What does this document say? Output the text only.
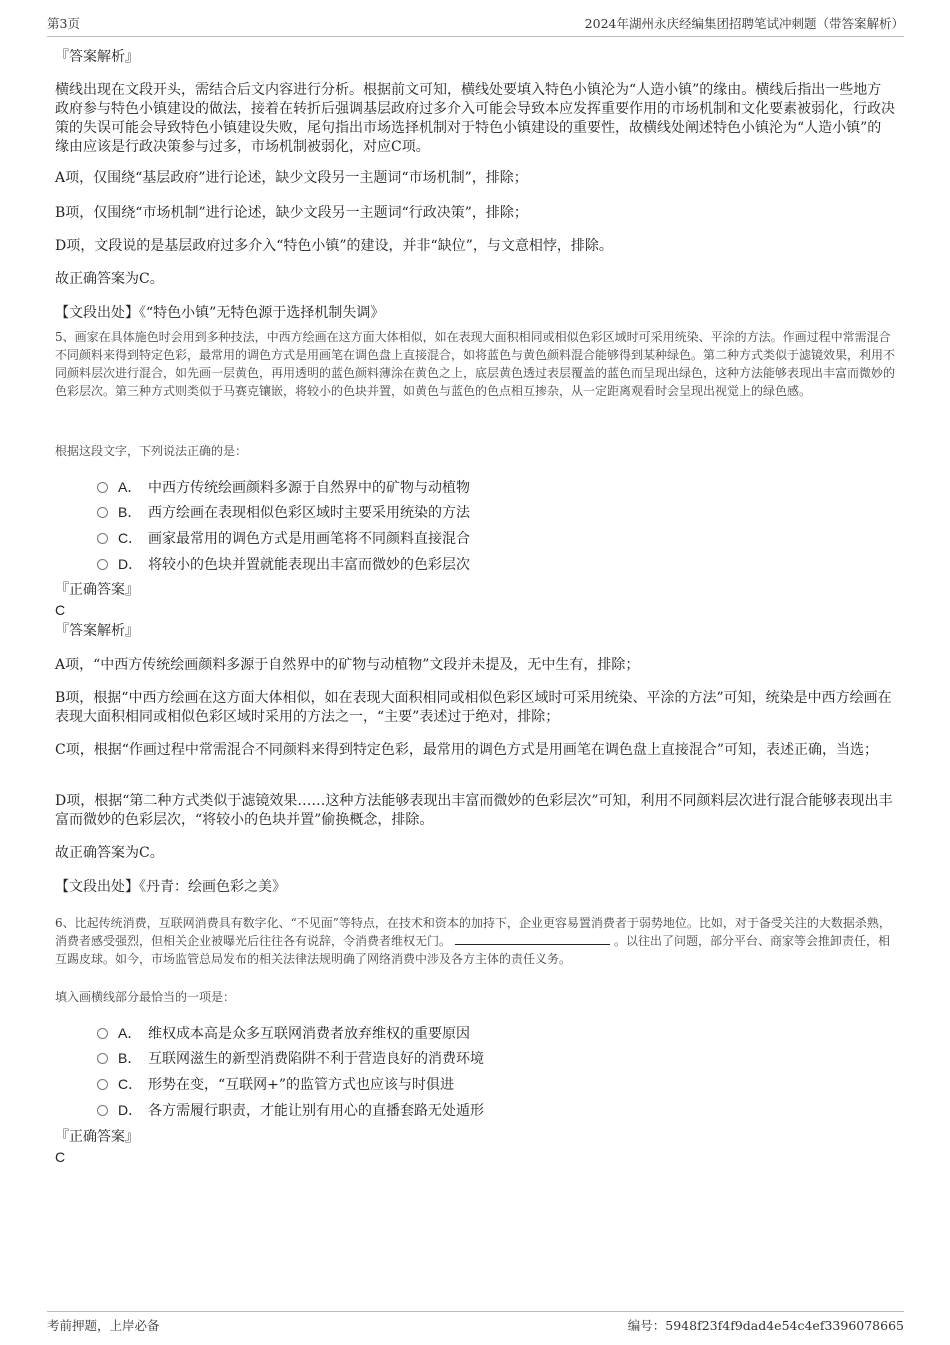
第3页	2024年湖州永庆经编集团招聘笔试冲刺题（带答案解析）

『答案解析』

横线出现在文段开头，需结合后文内容进行分析。根据前文可知，横线处要填入特色小镇沦为“人造小镇”的缘由。横线后指出一些地方政府参与特色小镇建设的做法，接着在转折后强调基层政府过多介入可能会导致本应发挥重要作用的市场机制和文化要素被弱化，行政决策的失误可能会导致特色小镇建设失败，尾句指出市场选择机制对于特色小镇建设的重要性，故横线处阐述特色小镇沦为“人造小镇”的缘由应该是行政决策参与过多，市场机制被弱化，对应C项。

A项，仅围绕“基层政府”进行论述，缺少文段另一主题词“市场机制”，排除；

B项，仅围绕“市场机制”进行论述，缺少文段另一主题词“行政决策”，排除；

D项，文段说的是基层政府过多介入“特色小镇”的建设，并非“缺位”，与文意相悖，排除。

故正确答案为C。

【文段出处】《“特色小镇”无特色源于选择机制失调》

5、画家在具体施色时会用到多种技法，中西方绘画在这方面大体相似，如在表现大面积相同或相似色彩区域时可采用统染、平涂的方法。作画过程中常需混合不同颜料来得到特定色彩，最常用的调色方式是用画笔在调色盘上直接混合，如将蓝色与黄色颜料混合能够得到某种绿色。第二种方式类似于滤镜效果，利用不同颜料层次进行混合，如先画一层黄色，再用透明的蓝色颜料薄涂在黄色之上，底层黄色透过表层覆盖的蓝色而呈现出绿色，这种方法能够表现出丰富而微妙的色彩层次。第三种方式则类似于马赛克镶嵌，将较小的色块并置，如黄色与蓝色的色点相互掺杂，从一定距离观看时会呈现出视觉上的绿色感。

根据这段文字，下列说法正确的是：

A． 中西方传统绘画颜料多源于自然界中的矿物与动植物
B． 西方绘画在表现相似色彩区域时主要采用统染的方法
C． 画家最常用的调色方式是用画笔将不同颜料直接混合
D． 将较小的色块并置就能表现出丰富而微妙的色彩层次

『正确答案』

C

『答案解析』

A项，“中西方传统绘画颜料多源于自然界中的矿物与动植物”文段并未提及，无中生有，排除；

B项，根据“中西方绘画在这方面大体相似，如在表现大面积相同或相似色彩区域时可采用统染、平涂的方法”可知，统染是中西方绘画在表现大面积相同或相似色彩区域时采用的方法之一，“主要”表述过于绝对，排除；

C项，根据“作画过程中常需混合不同颜料来得到特定色彩，最常用的调色方式是用画笔在调色盘上直接混合”可知，表述正确，当选；

D项，根据“第二种方式类似于滤镜效果……这种方法能够表现出丰富而微妙的色彩层次”可知，利用不同颜料层次进行混合能够表现出丰富而微妙的色彩层次，“将较小的色块并置”偷换概念，排除。

故正确答案为C。

【文段出处】《丹青：绘画色彩之美》

6、比起传统消费，互联网消费具有数字化、“不见面”等特点，在技术和资本的加持下，企业更容易置消费者于弱势地位。比如，对于备受关注的大数据杀熟，消费者感受强烈，但相关企业被曝光后往往各有说辞，令消费者维权无门。	。以往出了问题，部分平台、商家等会推卸责任，相互踢皮球。如今，市场监管总局发布的相关法律法规明确了网络消费中涉及各方主体的责任义务。

填入画横线部分最恰当的一项是：

A． 维权成本高是众多互联网消费者放弃维权的重要原因
B． 互联网滋生的新型消费陷阱不利于营造良好的消费环境
C． 形势在变，“互联网+”的监管方式也应该与时俱进
D． 各方需履行职责，才能让别有用心的直播套路无处遁形

『正确答案』

C

考前押题，上岸必备	编号：5948f23f4f9dad4e54c4ef3396078665
